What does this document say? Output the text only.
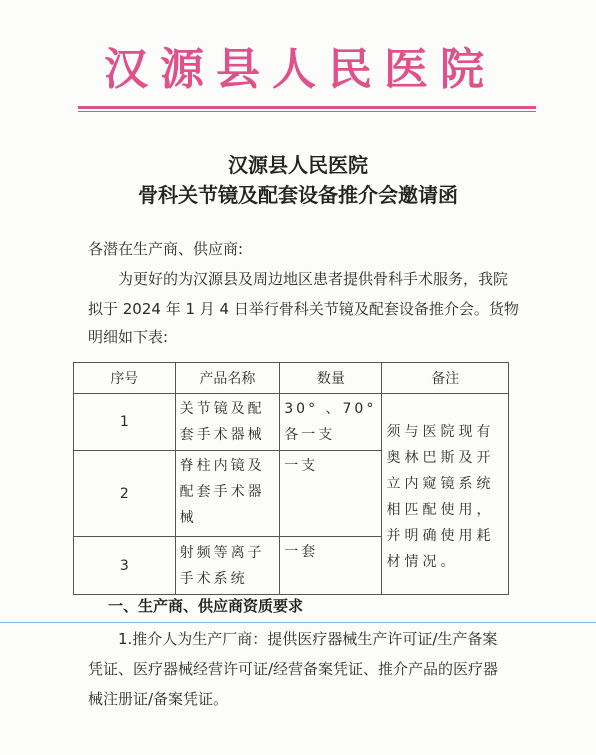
汉源县人民医院
汉源县人民医院
骨科关节镜及配套设备推介会邀请函
各潜在生产商、供应商:
为更好的为汉源县及周边地区患者提供骨科手术服务，我院
拟于 2024 年 1 月 4 日举行骨科关节镜及配套设备推介会。货物
明细如下表:
序号	产品名称	数量	备注
1	关节镜及配套手术器械	30° 、70° 各一支	须与医院现有奥林巴斯及开立内窥镜系统相匹配使用，并明确使用耗材情况。

2	脊柱内镜及配套手术器械	一支	

3	射频等离子手术系统	一套	
一、生产商、供应商资质要求
1.推介人为生产厂商：提供医疗器械生产许可证/生产备案
凭证、医疗器械经营许可证/经营备案凭证、推介产品的医疗器
械注册证/备案凭证。
